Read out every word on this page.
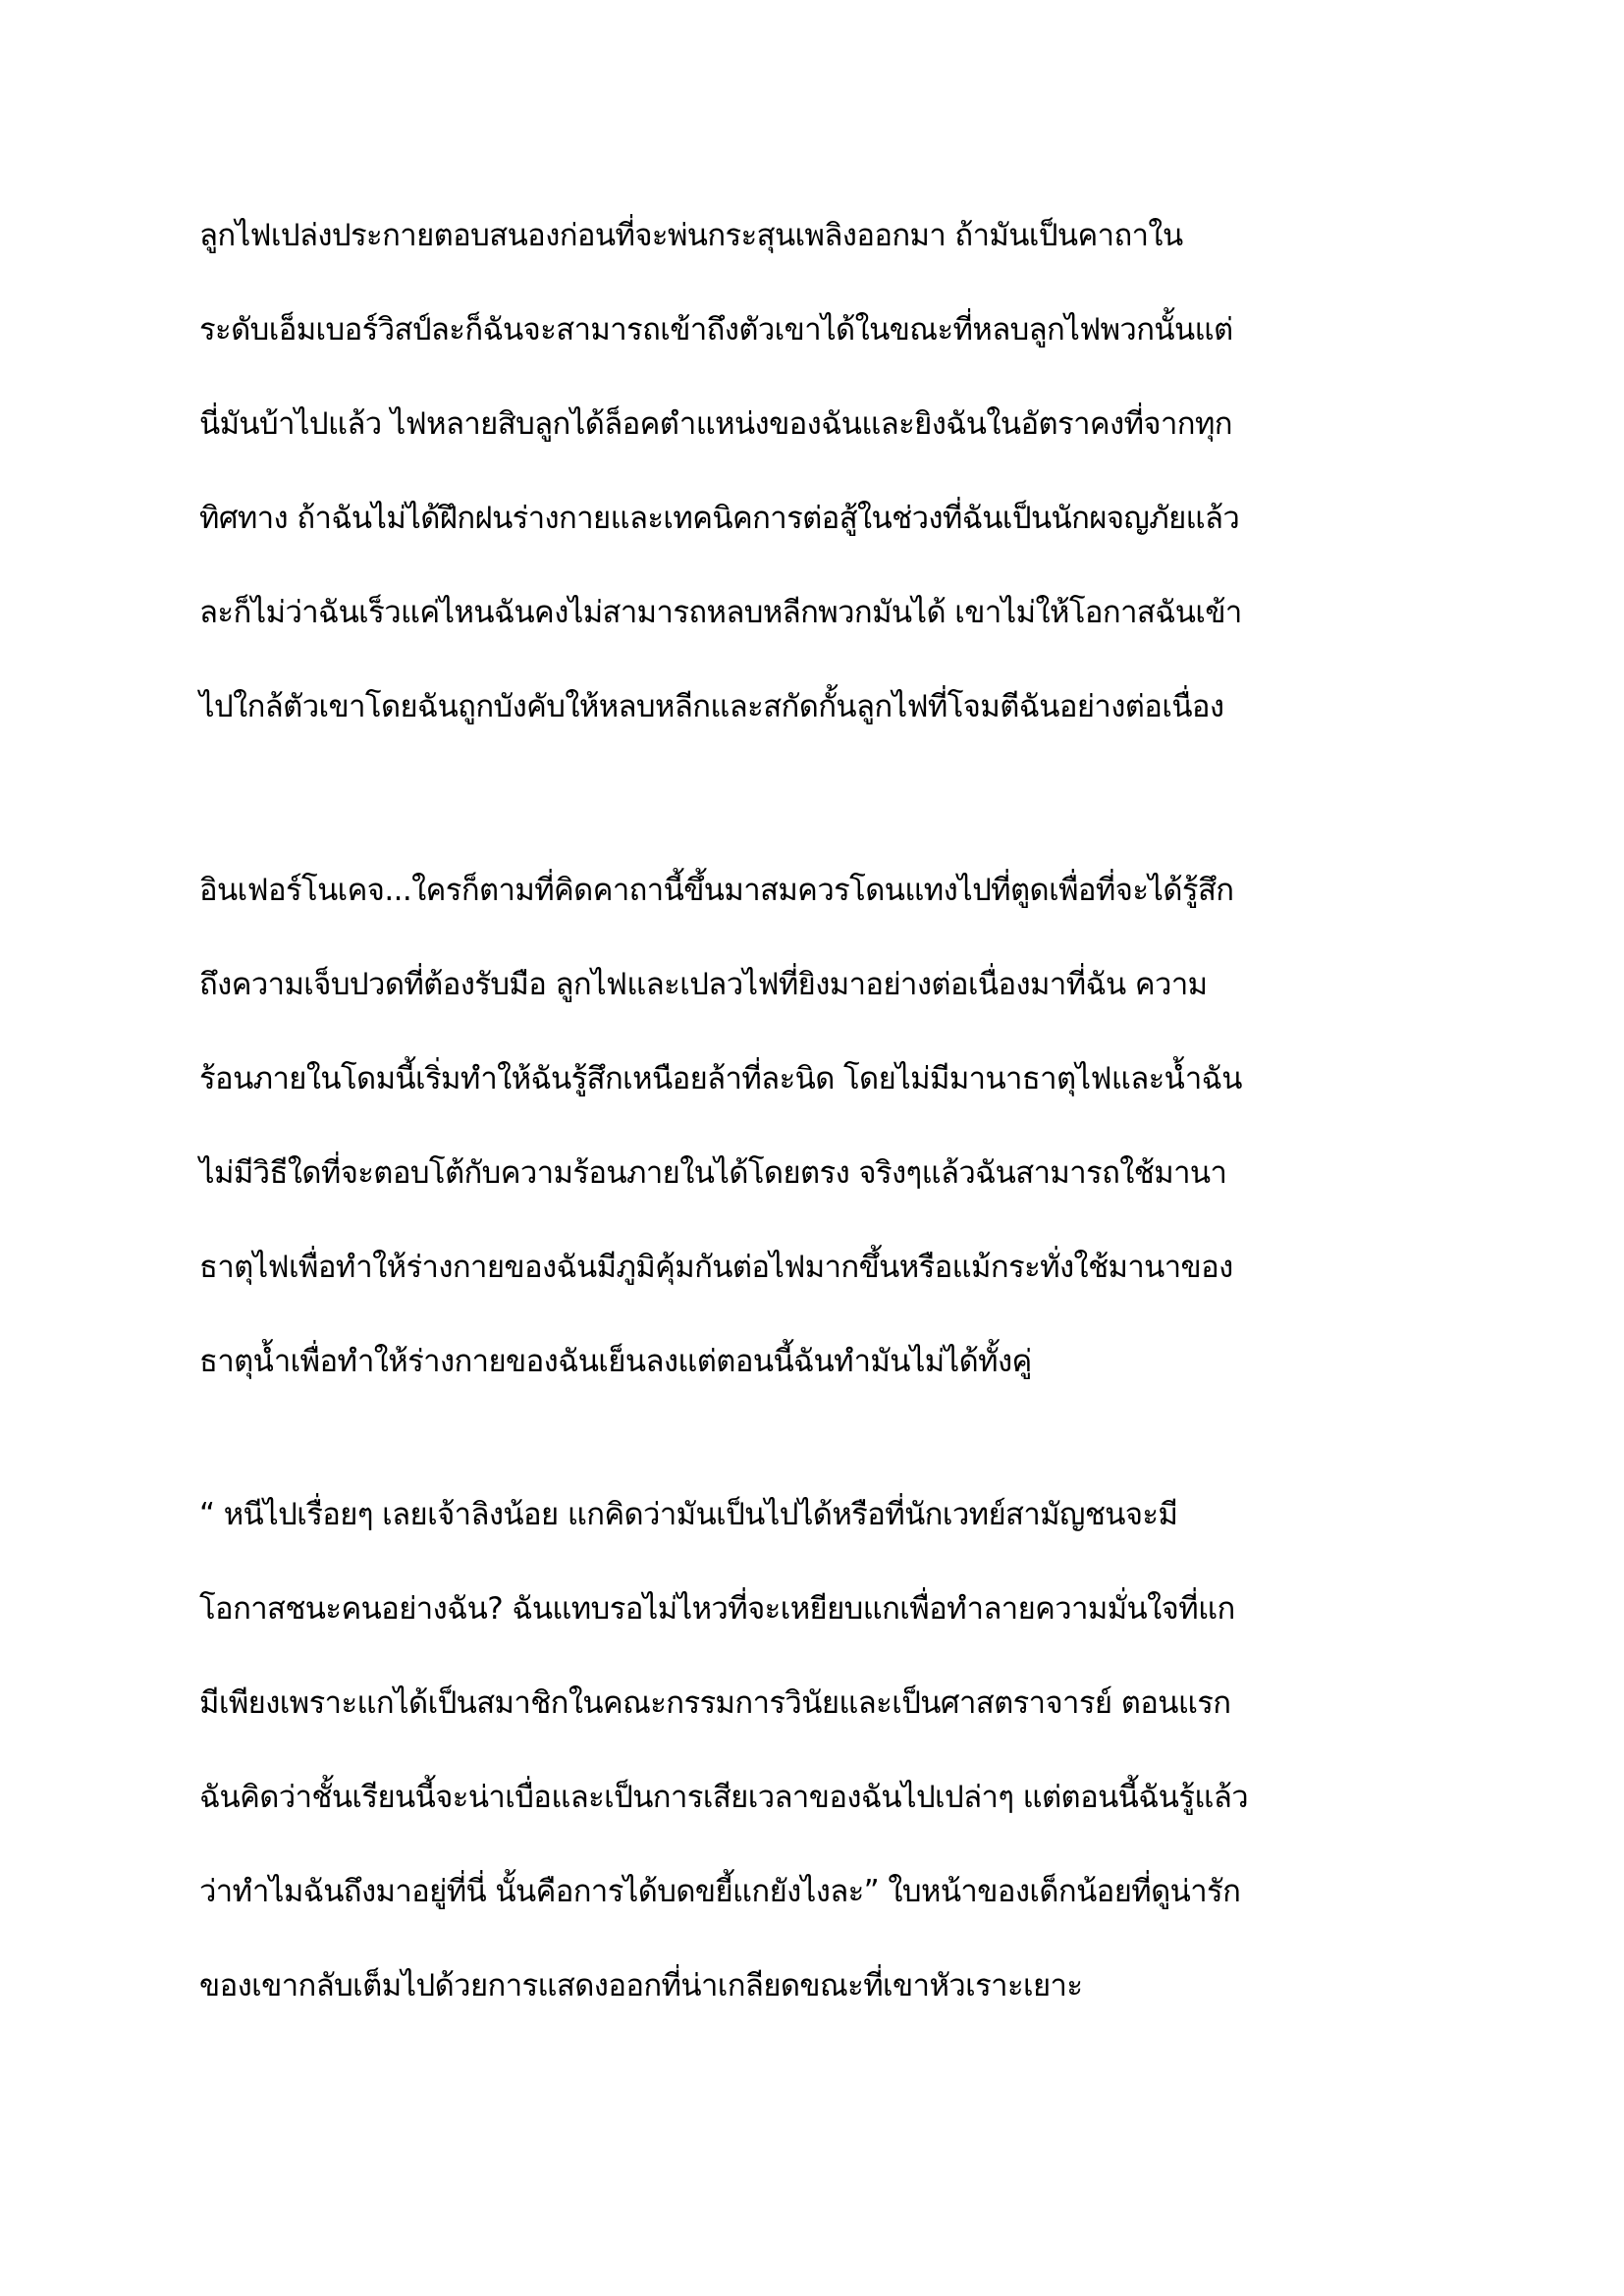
ลูกไฟเปล่งประกายตอบสนองก่อนที่จะพ่นกระสุนเพลิงออกมา ถ้ามันเป็นคาถาใน
ระดับเอ็มเบอร์วิสป์ละก็ฉันจะสามารถเข้าถึงตัวเขาได้ในขณะที่หลบลูกไฟพวกนั้นแต่
นี่มันบ้าไปแล้ว ไฟหลายสิบลูกได้ล็อคตำแหน่งของฉันและยิงฉันในอัตราคงที่จากทุก
ทิศทาง ถ้าฉันไม่ได้ฝึกฝนร่างกายและเทคนิคการต่อสู้ในช่วงที่ฉันเป็นนักผจญภัยแล้ว
ละก็ไม่ว่าฉันเร็วแค่ไหนฉันคงไม่สามารถหลบหลีกพวกมันได้ เขาไม่ให้โอกาสฉันเข้า
ไปใกล้ตัวเขาโดยฉันถูกบังคับให้หลบหลีกและสกัดกั้นลูกไฟที่โจมตีฉันอย่างต่อเนื่อง

อินเฟอร์โนเคจ...ใครก็ตามที่คิดคาถานี้ขึ้นมาสมควรโดนแทงไปที่ตูดเพื่อที่จะได้รู้สึก
ถึงความเจ็บปวดที่ต้องรับมือ ลูกไฟและเปลวไฟที่ยิงมาอย่างต่อเนื่องมาที่ฉัน ความ
ร้อนภายในโดมนี้เริ่มทำให้ฉันรู้สึกเหนือยล้าที่ละนิด โดยไม่มีมานาธาตุไฟและน้ำฉัน
ไม่มีวิธีใดที่จะตอบโต้กับความร้อนภายในได้โดยตรง จริงๆแล้วฉันสามารถใช้มานา
ธาตุไฟเพื่อทำให้ร่างกายของฉันมีภูมิคุ้มกันต่อไฟมากขึ้นหรือแม้กระทั่งใช้มานาของ
ธาตุน้ำเพื่อทำให้ร่างกายของฉันเย็นลงแต่ตอนนี้ฉันทำมันไม่ได้ทั้งคู่

“ หนีไปเรื่อยๆ เลยเจ้าลิงน้อย แกคิดว่ามันเป็นไปได้หรือที่นักเวทย์สามัญชนจะมี
โอกาสชนะคนอย่างฉัน? ฉันแทบรอไม่ไหวที่จะเหยียบแกเพื่อทำลายความมั่นใจที่แก
มีเพียงเพราะแกได้เป็นสมาชิกในคณะกรรมการวินัยและเป็นศาสตราจารย์ ตอนแรก
ฉันคิดว่าชั้นเรียนนี้จะน่าเบื่อและเป็นการเสียเวลาของฉันไปเปล่าๆ แต่ตอนนี้ฉันรู้แล้ว
ว่าทำไมฉันถึงมาอยู่ที่นี่ นั้นคือการได้บดขยี้แกยังไงละ” ใบหน้าของเด็กน้อยที่ดูน่ารัก
ของเขากลับเต็มไปด้วยการแสดงออกที่น่าเกลียดขณะที่เขาหัวเราะเยาะ
